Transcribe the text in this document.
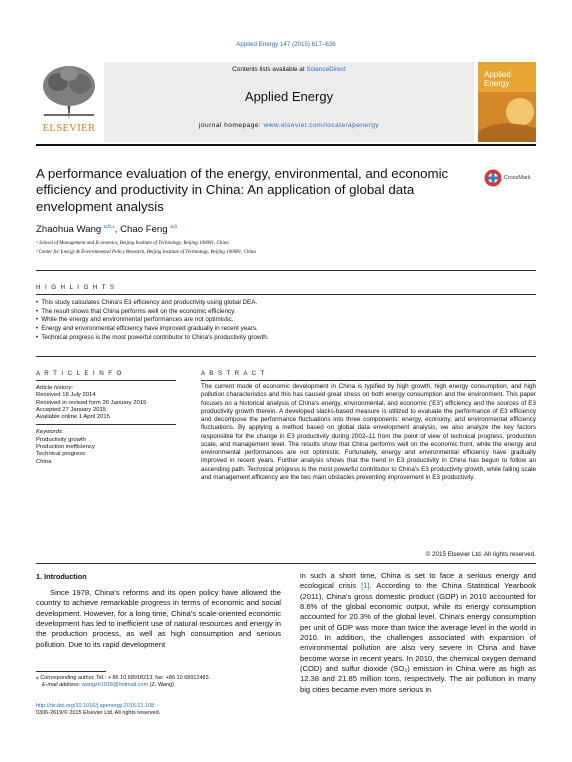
Applied Energy 147 (2015) 617–626
ELSEVIER
Contents lists available at ScienceDirect
Applied Energy
journal homepage: www.elsevier.com/locate/apenergy
Applied
Energy
A performance evaluation of the energy, environmental, and economic efficiency and productivity in China: An application of global data envelopment analysis
CrossMark
Zhaohua Wang $^{a,b,⁎}$, Chao Feng $^{a,b}$
ᵃ School of Management and Economics, Beijing Institute of Technology, Beijing 100081, China
ᵇ Center for Energy & Environmental Policy Research, Beijing Institute of Technology, Beijing 100081, China
H I G H L I G H T S
• This study calculates China's E3 efficiency and productivity using global DEA.
• The result shows that China performs well on the economic efficiency.
• While the energy and environmental performances are not optimistic.
• Energy and environmental efficiency have improved gradually in recent years.
• Technical progress is the most powerful contributor to China's productivity growth.
A R T I C L E I N F O
Article history:
Received 18 July 2014
Received in revised form 26 January 2015
Accepted 27 January 2015
Available online 1 April 2015
Keywords:
Productivity growth
Production inefficiency
Technical progress
China
A B S T R A C T
The current mode of economic development in China is typified by high growth, high energy consumption, and high pollution characteristics and this has caused great stress on both energy consumption and the environment. This paper focuses on a historical analysis of China's energy, environmental, and economic ('E3') efficiency and the sources of E3 productivity growth therein. A developed slacks-based measure is utilized to evaluate the performance of E3 efficiency and decompose the performance fluctuations into three components: energy, economy, and environmental efficiency fluctuations. By applying a method based on global data envelopment analysis, we also analyze the key factors responsible for the change in E3 productivity during 2002–11 from the point of view of technical progress, production scale, and management level. The results show that China performs well on the economic front, while the energy and environmental performances are not optimistic. Fortunately, energy and environmental efficiency have gradually improved in recent years. Further analysis shows that the trend in E3 productivity in China has begun to follow an ascending path. Technical progress is the most powerful contributor to China's E3 productivity growth, while falling scale and management efficiency are the two main obstacles preventing improvement in E3 productivity.
© 2015 Elsevier Ltd. All rights reserved.
1. Introduction
Since 1978, China's reforms and its open policy have allowed the country to achieve remarkable progress in terms of economic and social development. However, for a long time, China's scale-oriented economic development has led to inefficient use of natural resources and energy in the production process, as well as high consumption and serious pollution. Due to its rapid development
in such a short time, China is set to face a serious energy and ecological crisis [1]. According to the China Statistical Yearbook (2011), China's gross domestic product (GDP) in 2010 accounted for 8.6% of the global economic output, while its energy consumption accounted for 20.3% of the global level. China's energy consumption per unit of GDP was more than twice the average level in the world in 2010. In addition, the challenges associated with expansion of environmental pollution are also very severe in China and have become worse in recent years. In 2010, the chemical oxygen demand (COD) and sulfur dioxide (SO₂) emission in China were as high as 12.38 and 21.85 million tons, respectively. The air pollution in many big cities became even more serious in
⁎ Corresponding author. Tel.: + 86 10 68918213; fax: +86 10 68912483.
E-mail address: wangzh1018@hotmail.com (Z. Wang).
http://dx.doi.org/10.1016/j.apenergy.2015.01.108
0306-2619/© 2015 Elsevier Ltd. All rights reserved.
